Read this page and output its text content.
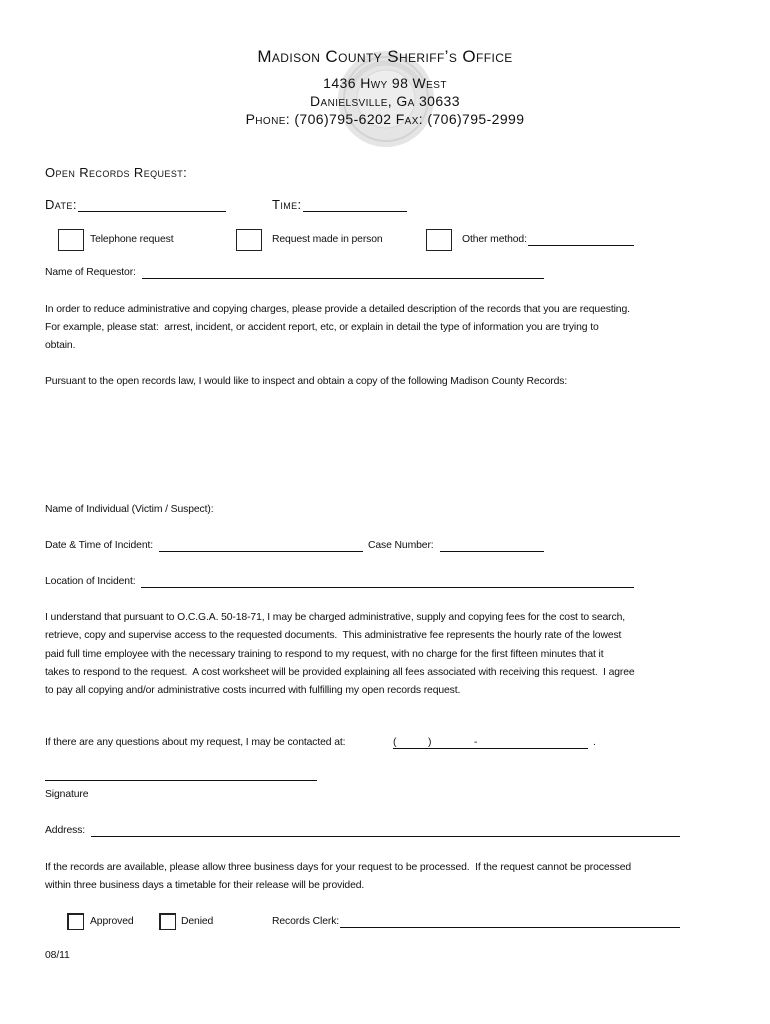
Madison County Sheriff’s Office
1436 Hwy 98 West
Danielsville, Ga 30633
Phone: (706)795-6202 Fax: (706)795-2999
Open Records Request:
Date:	Time:
Telephone request	Request made in person	Other method:
Name of Requestor:
In order to reduce administrative and copying charges, please provide a detailed description of the records that you are requesting.
For example, please stat:  arrest, incident, or accident report, etc, or explain in detail the type of information you are trying to
obtain.
Pursuant to the open records law, I would like to inspect and obtain a copy of the following Madison County Records:
Name of Individual (Victim / Suspect):
Date & Time of Incident:	Case Number:
Location of Incident:
I understand that pursuant to O.C.G.A. 50-18-71, I may be charged administrative, supply and copying fees for the cost to search,
retrieve, copy and supervise access to the requested documents.  This administrative fee represents the hourly rate of the lowest
paid full time employee with the necessary training to respond to my request, with no charge for the first fifteen minutes that it
takes to respond to the request.  A cost worksheet will be provided explaining all fees associated with receiving this request.  I agree
to pay all copying and/or administrative costs incurred with fulfilling my open records request.
If there are any questions about my request, I may be contacted at:	(	)	-	.
Signature
Address:
If the records are available, please allow three business days for your request to be processed.  If the request cannot be processed
within three business days a timetable for their release will be provided.
Approved	Denied	Records Clerk:
08/11
